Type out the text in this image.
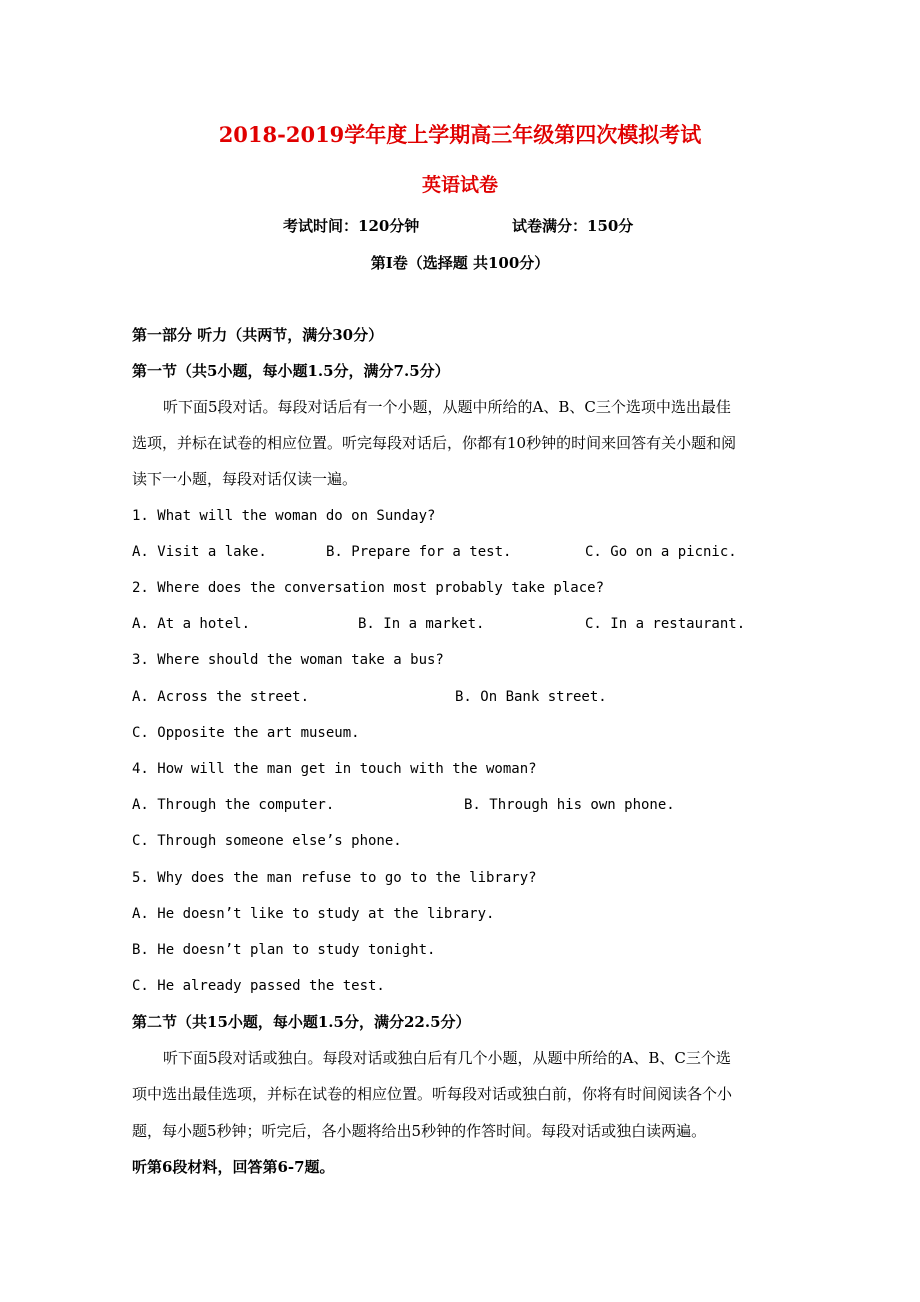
2018-2019学年度上学期高三年级第四次模拟考试
英语试卷
考试时间：120分钟	试卷满分：150分
第Ⅰ卷（选择题 共100分）
第一部分 听力（共两节，满分30分）
第一节（共5小题，每小题1.5分，满分7.5分）
听下面5段对话。每段对话后有一个小题，从题中所给的A、B、C三个选项中选出最佳
选项，并标在试卷的相应位置。听完每段对话后，你都有10秒钟的时间来回答有关小题和阅
读下一小题，每段对话仅读一遍。
1. What will the woman do on Sunday?
A. Visit a lake.	B. Prepare for a test.	C. Go on a picnic.
2. Where does the conversation most probably take place?
A. At a hotel.	B. In a market.	C. In a restaurant.
3. Where should the woman take a bus?
A. Across the street.	B. On Bank street.
C. Opposite the art museum.
4. How will the man get in touch with the woman?
A. Through the computer.	B. Through his own phone.
C. Through someone else’s phone.
5. Why does the man refuse to go to the library?
A. He doesn’t like to study at the library.
B. He doesn’t plan to study tonight.
C. He already passed the test.
第二节（共15小题，每小题1.5分，满分22.5分）
听下面5段对话或独白。每段对话或独白后有几个小题，从题中所给的A、B、C三个选
项中选出最佳选项，并标在试卷的相应位置。听每段对话或独白前，你将有时间阅读各个小
题，每小题5秒钟；听完后，各小题将给出5秒钟的作答时间。每段对话或独白读两遍。
听第6段材料，回答第6-7题。
